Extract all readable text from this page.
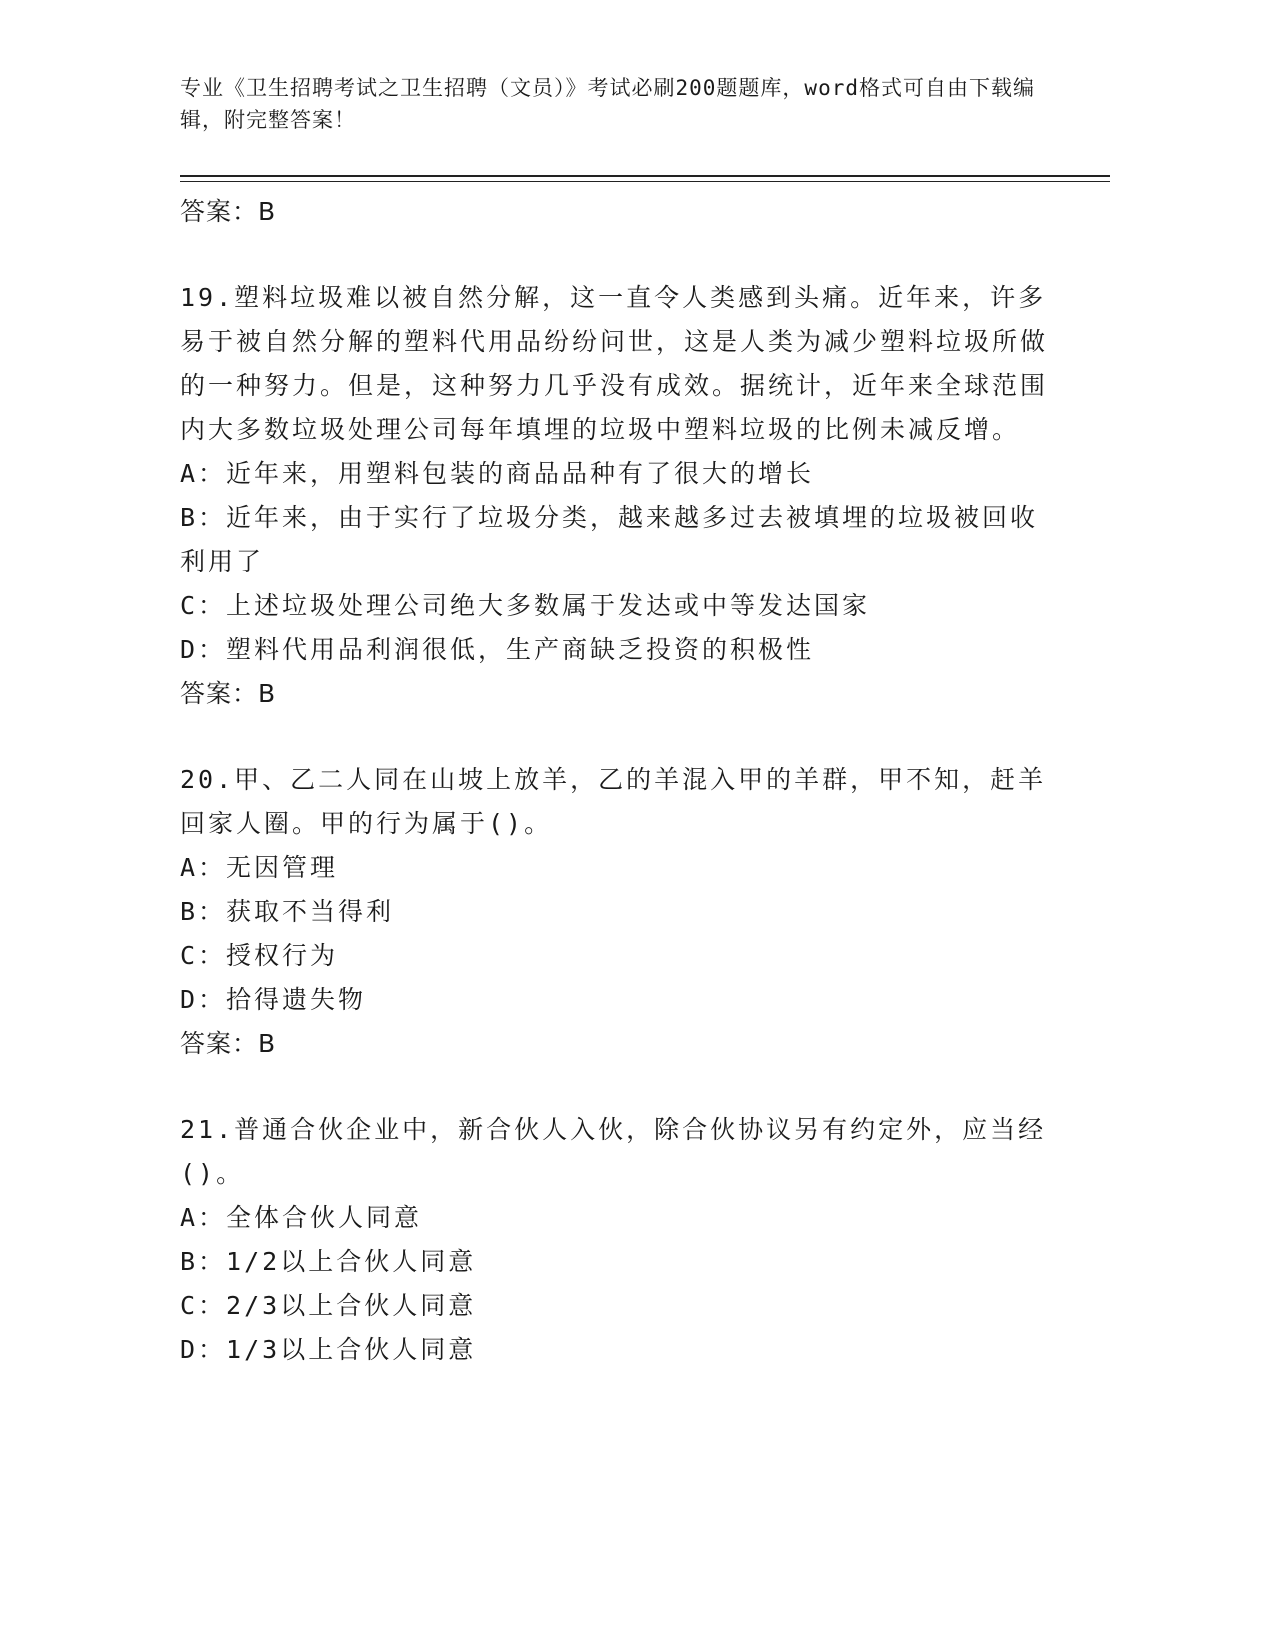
专业《卫生招聘考试之卫生招聘（文员）》考试必刷200题题库，word格式可自由下载编辑，附完整答案！

答案：B

19.塑料垃圾难以被自然分解，这一直令人类感到头痛。近年来，许多易于被自然分解的塑料代用品纷纷问世，这是人类为减少塑料垃圾所做的一种努力。但是，这种努力几乎没有成效。据统计，近年来全球范围内大多数垃圾处理公司每年填埋的垃圾中塑料垃圾的比例未减反增。

A：近年来，用塑料包装的商品品种有了很大的增长

B：近年来，由于实行了垃圾分类，越来越多过去被填埋的垃圾被回收利用了

C：上述垃圾处理公司绝大多数属于发达或中等发达国家

D：塑料代用品利润很低，生产商缺乏投资的积极性

答案：B

20.甲、乙二人同在山坡上放羊，乙的羊混入甲的羊群，甲不知，赶羊回家人圈。甲的行为属于()。

A：无因管理

B：获取不当得利

C：授权行为

D：拾得遗失物

答案：B

21.普通合伙企业中，新合伙人入伙，除合伙协议另有约定外，应当经()。

A：全体合伙人同意

B：1/2以上合伙人同意

C：2/3以上合伙人同意

D：1/3以上合伙人同意
